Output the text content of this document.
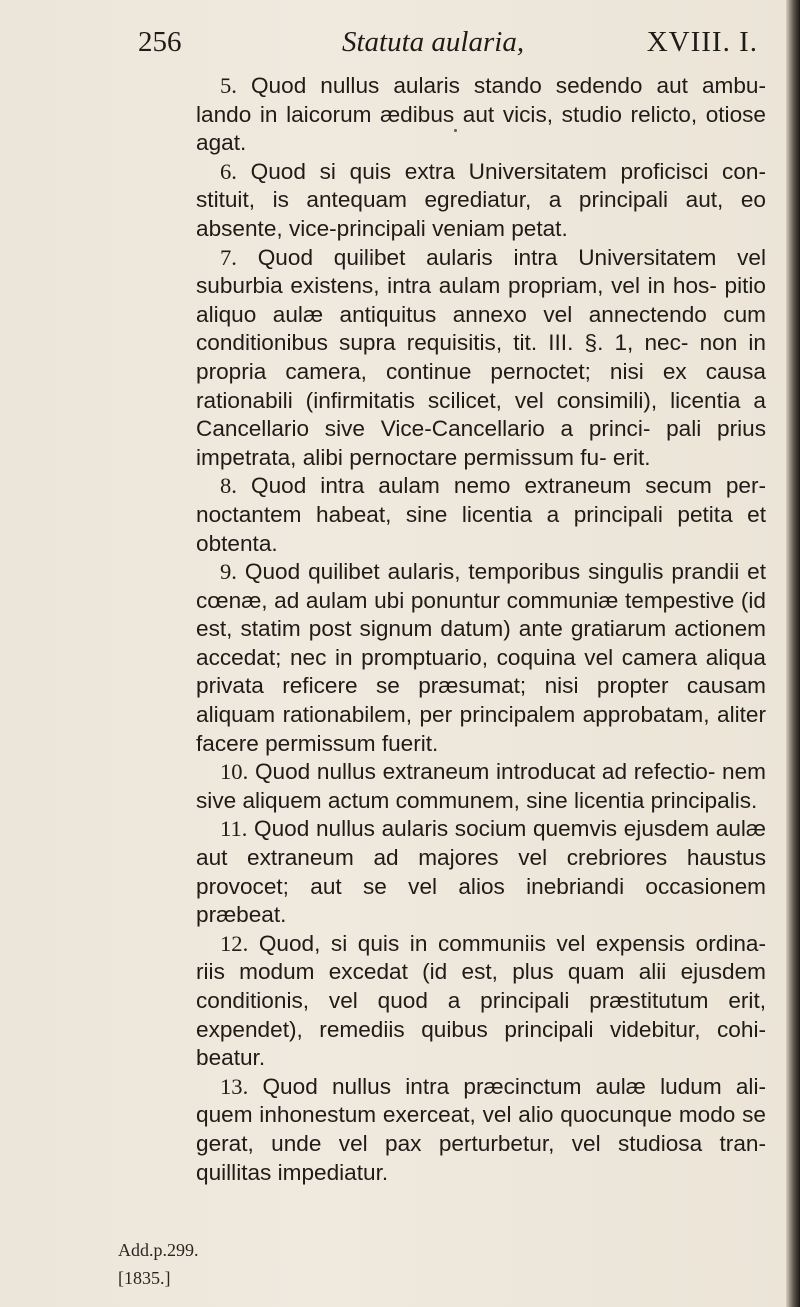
256	Statuta aularia,	XVIII. I.

5. Quod nullus aularis stando sedendo aut ambu- lando in laicorum ædibus aut vicis, studio relicto, otiose agat.

6. Quod si quis extra Universitatem proficisci con- stituit, is antequam egrediatur, a principali aut, eo absente, vice-principali veniam petat.

7. Quod quilibet aularis intra Universitatem vel suburbia existens, intra aulam propriam, vel in hos- pitio aliquo aulæ antiquitus annexo vel annectendo cum conditionibus supra requisitis, tit. III. §. 1, nec- non in propria camera, continue pernoctet; nisi ex causa rationabili (infirmitatis scilicet, vel consimili), licentia a Cancellario sive Vice-Cancellario a princi- pali prius impetrata, alibi pernoctare permissum fu- erit.

8. Quod intra aulam nemo extraneum secum per- noctantem habeat, sine licentia a principali petita et obtenta.

9. Quod quilibet aularis, temporibus singulis prandii et cœnæ, ad aulam ubi ponuntur communiæ tempestive (id est, statim post signum datum) ante gratiarum actionem accedat; nec in promptuario, coquina vel camera aliqua privata reficere se præsumat; nisi propter causam aliquam rationabilem, per principalem approbatam, aliter facere permissum fuerit.

10. Quod nullus extraneum introducat ad refectio- nem sive aliquem actum communem, sine licentia principalis.

11. Quod nullus aularis socium quemvis ejusdem aulæ aut extraneum ad majores vel crebriores haustus provocet; aut se vel alios inebriandi occasionem præbeat.

12. Quod, si quis in communiis vel expensis ordina- riis modum excedat (id est, plus quam alii ejusdem conditionis, vel quod a principali præstitutum erit, expendet), remediis quibus principali videbitur, cohi- beatur.

13. Quod nullus intra præcinctum aulæ ludum ali- quem inhonestum exerceat, vel alio quocunque modo se gerat, unde vel pax perturbetur, vel studiosa tran- quillitas impediatur.

Add.p.299.
[1835.]
